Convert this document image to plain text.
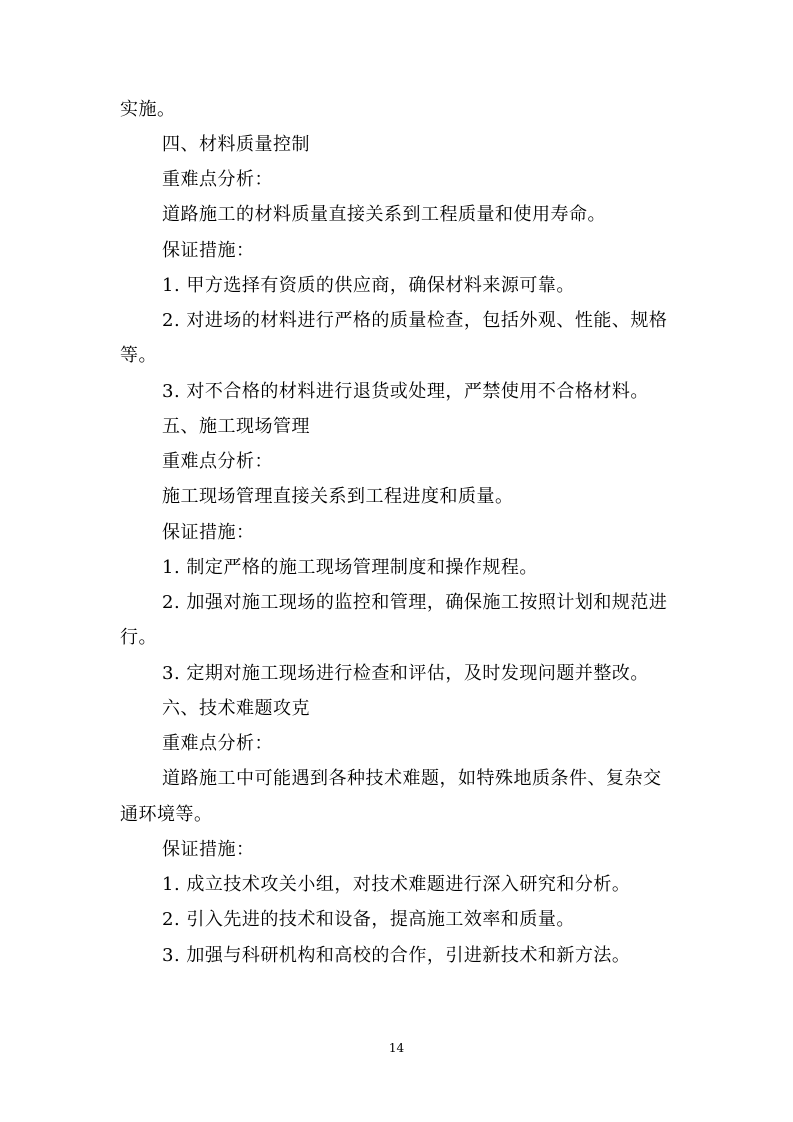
实施。
四、材料质量控制
重难点分析：
道路施工的材料质量直接关系到工程质量和使用寿命。
保证措施：
1. 甲方选择有资质的供应商，确保材料来源可靠。
2. 对进场的材料进行严格的质量检查，包括外观、性能、规格
等。
3. 对不合格的材料进行退货或处理，严禁使用不合格材料。
五、施工现场管理
重难点分析：
施工现场管理直接关系到工程进度和质量。
保证措施：
1. 制定严格的施工现场管理制度和操作规程。
2. 加强对施工现场的监控和管理，确保施工按照计划和规范进
行。
3. 定期对施工现场进行检查和评估，及时发现问题并整改。
六、技术难题攻克
重难点分析：
道路施工中可能遇到各种技术难题，如特殊地质条件、复杂交
通环境等。
保证措施：
1. 成立技术攻关小组，对技术难题进行深入研究和分析。
2. 引入先进的技术和设备，提高施工效率和质量。
3. 加强与科研机构和高校的合作，引进新技术和新方法。
14
